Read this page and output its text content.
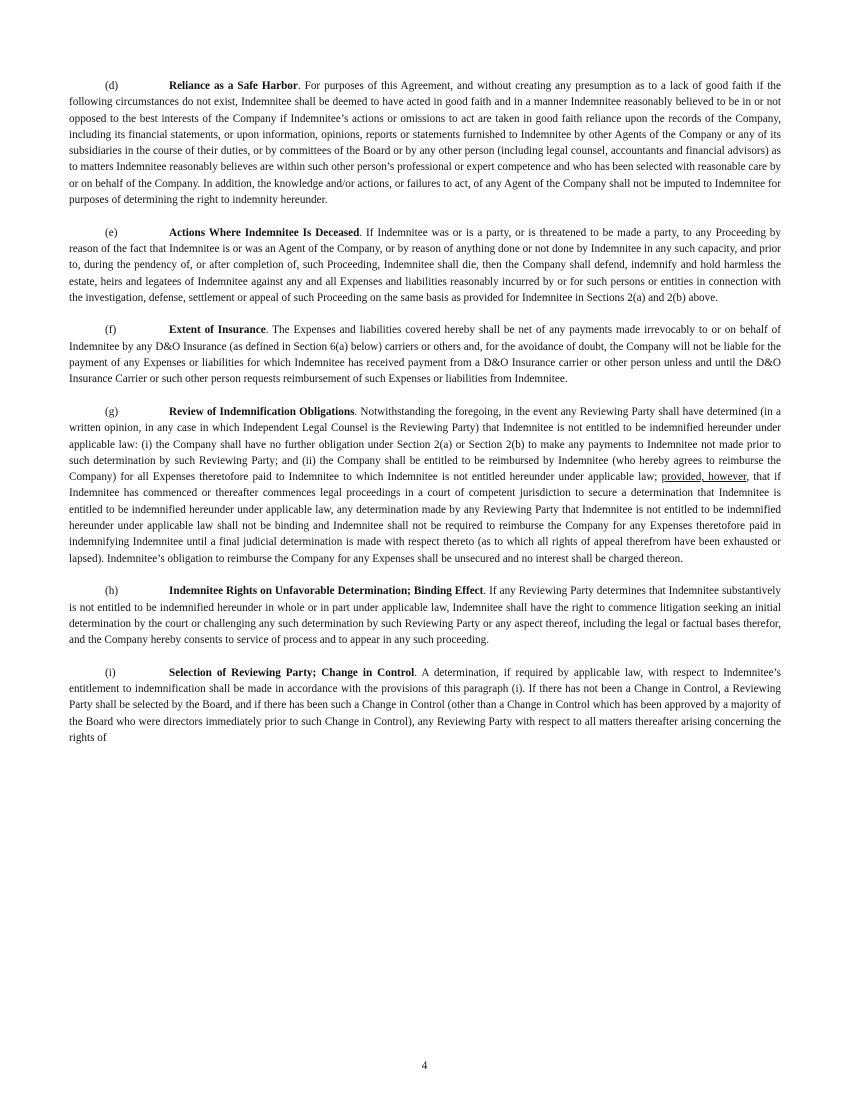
(d)	Reliance as a Safe Harbor. For purposes of this Agreement, and without creating any presumption as to a lack of good faith if the following circumstances do not exist, Indemnitee shall be deemed to have acted in good faith and in a manner Indemnitee reasonably believed to be in or not opposed to the best interests of the Company if Indemnitee’s actions or omissions to act are taken in good faith reliance upon the records of the Company, including its financial statements, or upon information, opinions, reports or statements furnished to Indemnitee by other Agents of the Company or any of its subsidiaries in the course of their duties, or by committees of the Board or by any other person (including legal counsel, accountants and financial advisors) as to matters Indemnitee reasonably believes are within such other person’s professional or expert competence and who has been selected with reasonable care by or on behalf of the Company. In addition, the knowledge and/or actions, or failures to act, of any Agent of the Company shall not be imputed to Indemnitee for purposes of determining the right to indemnity hereunder.

(e)	Actions Where Indemnitee Is Deceased. If Indemnitee was or is a party, or is threatened to be made a party, to any Proceeding by reason of the fact that Indemnitee is or was an Agent of the Company, or by reason of anything done or not done by Indemnitee in any such capacity, and prior to, during the pendency of, or after completion of, such Proceeding, Indemnitee shall die, then the Company shall defend, indemnify and hold harmless the estate, heirs and legatees of Indemnitee against any and all Expenses and liabilities reasonably incurred by or for such persons or entities in connection with the investigation, defense, settlement or appeal of such Proceeding on the same basis as provided for Indemnitee in Sections 2(a) and 2(b) above.

(f)	Extent of Insurance. The Expenses and liabilities covered hereby shall be net of any payments made irrevocably to or on behalf of Indemnitee by any D&O Insurance (as defined in Section 6(a) below) carriers or others and, for the avoidance of doubt, the Company will not be liable for the payment of any Expenses or liabilities for which Indemnitee has received payment from a D&O Insurance carrier or other person unless and until the D&O Insurance Carrier or such other person requests reimbursement of such Expenses or liabilities from Indemnitee.

(g)	Review of Indemnification Obligations. Notwithstanding the foregoing, in the event any Reviewing Party shall have determined (in a written opinion, in any case in which Independent Legal Counsel is the Reviewing Party) that Indemnitee is not entitled to be indemnified hereunder under applicable law: (i) the Company shall have no further obligation under Section 2(a) or Section 2(b) to make any payments to Indemnitee not made prior to such determination by such Reviewing Party; and (ii) the Company shall be entitled to be reimbursed by Indemnitee (who hereby agrees to reimburse the Company) for all Expenses theretofore paid to Indemnitee to which Indemnitee is not entitled hereunder under applicable law; provided, however, that if Indemnitee has commenced or thereafter commences legal proceedings in a court of competent jurisdiction to secure a determination that Indemnitee is entitled to be indemnified hereunder under applicable law, any determination made by any Reviewing Party that Indemnitee is not entitled to be indemnified hereunder under applicable law shall not be binding and Indemnitee shall not be required to reimburse the Company for any Expenses theretofore paid in indemnifying Indemnitee until a final judicial determination is made with respect thereto (as to which all rights of appeal therefrom have been exhausted or lapsed). Indemnitee’s obligation to reimburse the Company for any Expenses shall be unsecured and no interest shall be charged thereon.

(h)	Indemnitee Rights on Unfavorable Determination; Binding Effect. If any Reviewing Party determines that Indemnitee substantively is not entitled to be indemnified hereunder in whole or in part under applicable law, Indemnitee shall have the right to commence litigation seeking an initial determination by the court or challenging any such determination by such Reviewing Party or any aspect thereof, including the legal or factual bases therefor, and the Company hereby consents to service of process and to appear in any such proceeding.

(i)	Selection of Reviewing Party; Change in Control. A determination, if required by applicable law, with respect to Indemnitee’s entitlement to indemnification shall be made in accordance with the provisions of this paragraph (i). If there has not been a Change in Control, a Reviewing Party shall be selected by the Board, and if there has been such a Change in Control (other than a Change in Control which has been approved by a majority of the Board who were directors immediately prior to such Change in Control), any Reviewing Party with respect to all matters thereafter arising concerning the rights of

4
